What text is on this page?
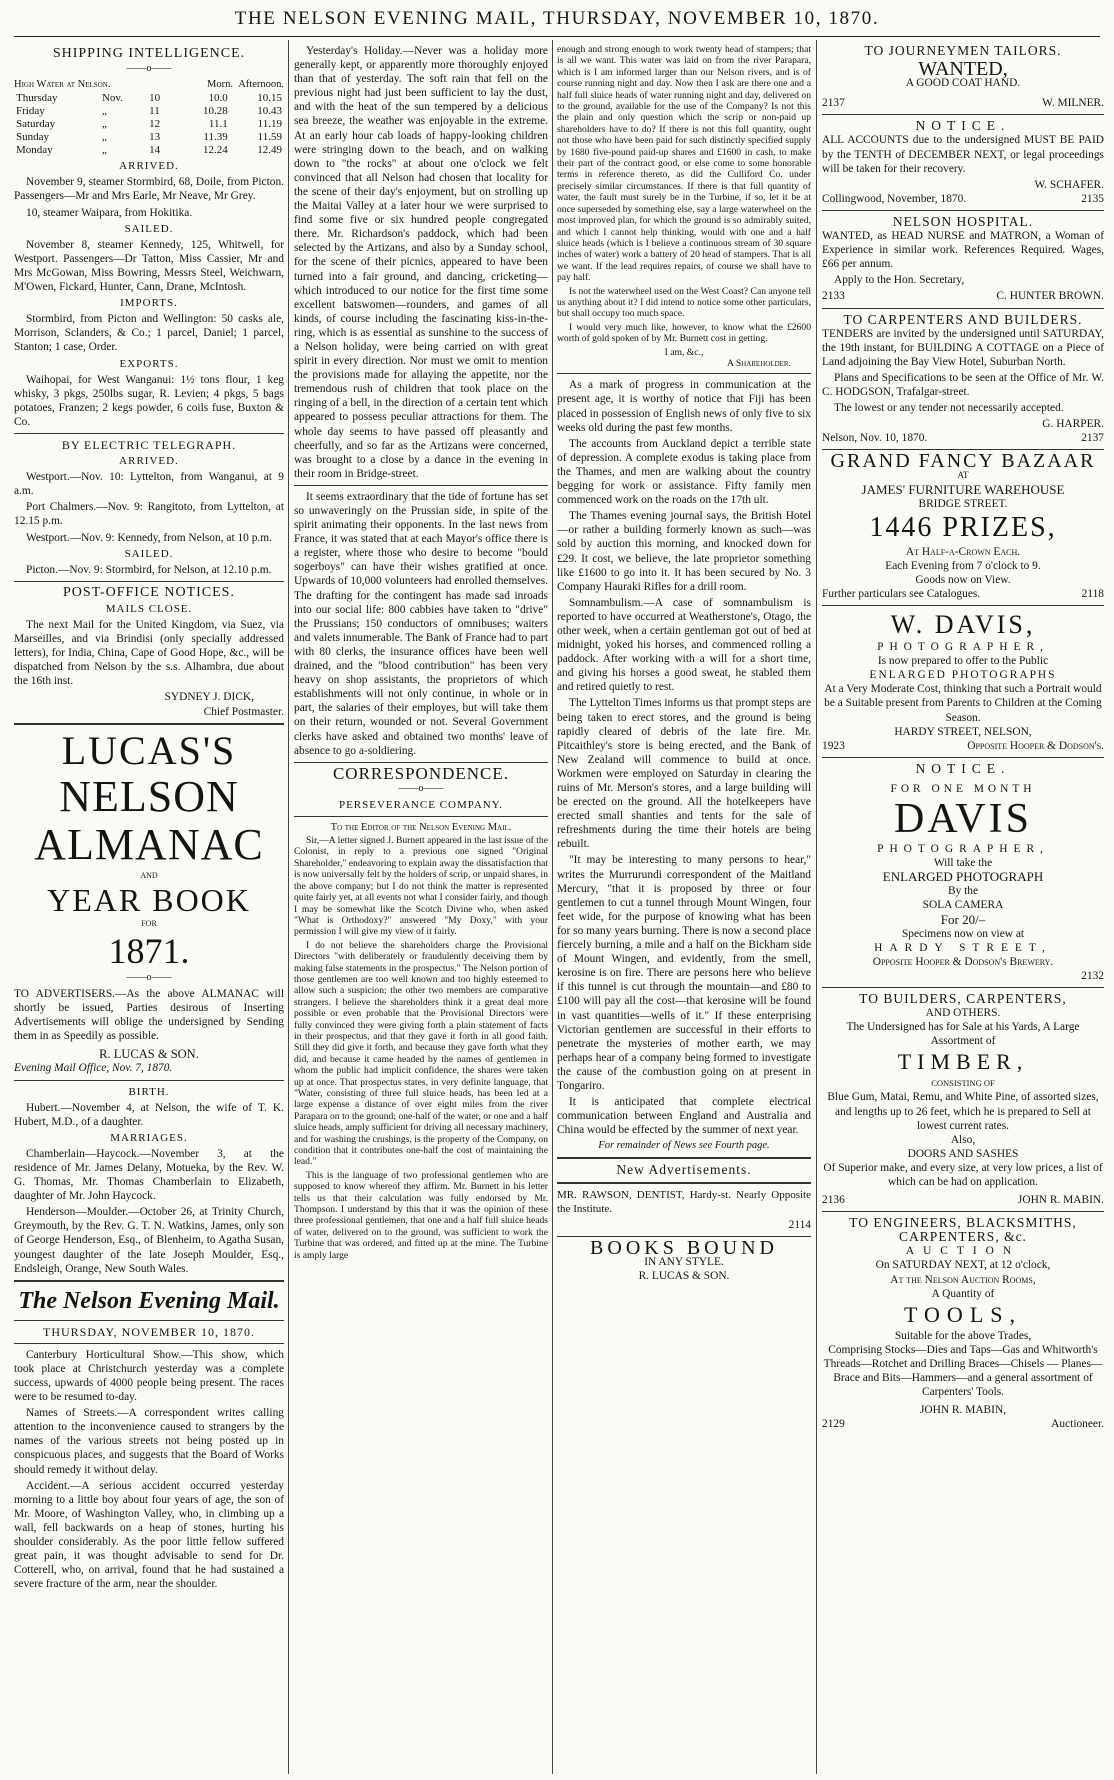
THE NELSON EVENING MAIL, THURSDAY, NOVEMBER 10, 1870.
SHIPPING INTELLIGENCE.
——o——
High Water at Nelson.	Morn. Afternoon.
Thursday	Nov.	10	10.0	10.15
Friday	„	11	10.28	10.43
Saturday	„	12	11.1	11.19
Sunday	„	13	11.39	11.59
Monday	„	14	12.24	12.49
ARRIVED.

November 9, steamer Stormbird, 68, Doile, from Picton. Passengers—Mr and Mrs Earle, Mr Neave, Mr Grey.

10, steamer Waipara, from Hokitika.

SAILED.

November 8, steamer Kennedy, 125, Whitwell, for Westport. Passengers—Dr Tatton, Miss Cassier, Mr and Mrs McGowan, Miss Bowring, Messrs Steel, Weichwarn, M'Owen, Fickard, Hunter, Cann, Drane, McIntosh.

IMPORTS.

Stormbird, from Picton and Wellington: 50 casks ale, Morrison, Sclanders, & Co.; 1 parcel, Daniel; 1 parcel, Stanton; 1 case, Order.

EXPORTS.

Waihopai, for West Wanganui: 1½ tons flour, 1 keg whisky, 3 pkgs, 250lbs sugar, R. Levien; 4 pkgs, 5 bags potatoes, Franzen; 2 kegs powder, 6 coils fuse, Buxton & Co.

BY ELECTRIC TELEGRAPH.
ARRIVED.

Westport.—Nov. 10: Lyttelton, from Wanganui, at 9 a.m.

Port Chalmers.—Nov. 9: Rangitoto, from Lyttelton, at 12.15 p.m.

Westport.—Nov. 9: Kennedy, from Nelson, at 10 p.m.

SAILED.

Picton.—Nov. 9: Stormbird, for Nelson, at 12.10 p.m.

POST-OFFICE NOTICES.
MAILS CLOSE.

The next Mail for the United Kingdom, via Suez, via Marseilles, and via Brindisi (only specially addressed letters), for India, China, Cape of Good Hope, &c., will be dispatched from Nelson by the s.s. Alhambra, due about the 16th inst.

SYDNEY J. DICK,
Chief Postmaster.
LUCAS'S
NELSON ALMANAC
AND
YEAR BOOK
FOR
1871.
——o——

TO ADVERTISERS.—As the above ALMANAC will shortly be issued, Parties desirous of Inserting Advertisements will oblige the undersigned by Sending them in as Speedily as possible.

R. LUCAS & SON.
Evening Mail Office, Nov. 7, 1870.
BIRTH.

Hubert.—November 4, at Nelson, the wife of T. K. Hubert, M.D., of a daughter.

MARRIAGES.

Chamberlain—Haycock.—November 3, at the residence of Mr. James Delany, Motueka, by the Rev. W. G. Thomas, Mr. Thomas Chamberlain to Elizabeth, daughter of Mr. John Haycock.

Henderson—Moulder.—October 26, at Trinity Church, Greymouth, by the Rev. G. T. N. Watkins, James, only son of George Henderson, Esq., of Blenheim, to Agatha Susan, youngest daughter of the late Joseph Moulder, Esq., Endsleigh, Orange, New South Wales.

The Nelson Evening Mail.
THURSDAY, NOVEMBER 10, 1870.

Canterbury Horticultural Show.—This show, which took place at Christchurch yesterday was a complete success, upwards of 4000 people being present. The races were to be resumed to-day.

Names of Streets.—A correspondent writes calling attention to the inconvenience caused to strangers by the names of the various streets not being posted up in conspicuous places, and suggests that the Board of Works should remedy it without delay.

Accident.—A serious accident occurred yesterday morning to a little boy about four years of age, the son of Mr. Moore, of Washington Valley, who, in climbing up a wall, fell backwards on a heap of stones, hurting his shoulder considerably. As the poor little fellow suffered great pain, it was thought advisable to send for Dr. Cotterell, who, on arrival, found that he had sustained a severe fracture of the arm, near the shoulder.

Yesterday's Holiday.—Never was a holiday more generally kept, or apparently more thoroughly enjoyed than that of yesterday. The soft rain that fell on the previous night had just been sufficient to lay the dust, and with the heat of the sun tempered by a delicious sea breeze, the weather was enjoyable in the extreme. At an early hour cab loads of happy-looking children were stringing down to the beach, and on walking down to "the rocks" at about one o'clock we felt convinced that all Nelson had chosen that locality for the scene of their day's enjoyment, but on strolling up the Maitai Valley at a later hour we were surprised to find some five or six hundred people congregated there. Mr. Richardson's paddock, which had been selected by the Artizans, and also by a Sunday school, for the scene of their picnics, appeared to have been turned into a fair ground, and dancing, cricketing—which introduced to our notice for the first time some excellent batswomen—rounders, and games of all kinds, of course including the fascinating kiss-in-the-ring, which is as essential as sunshine to the success of a Nelson holiday, were being carried on with great spirit in every direction. Nor must we omit to mention the provisions made for allaying the appetite, nor the tremendous rush of children that took place on the ringing of a bell, in the direction of a certain tent which appeared to possess peculiar attractions for them. The whole day seems to have passed off pleasantly and cheerfully, and so far as the Artizans were concerned, was brought to a close by a dance in the evening in their room in Bridge-street.

It seems extraordinary that the tide of fortune has set so unwaveringly on the Prussian side, in spite of the spirit animating their opponents. In the last news from France, it was stated that at each Mayor's office there is a register, where those who desire to become "bould sogerboys" can have their wishes gratified at once. Upwards of 10,000 volunteers had enrolled themselves. The drafting for the contingent has made sad inroads into our social life: 800 cabbies have taken to "drive" the Prussians; 150 conductors of omnibuses; waiters and valets innumerable. The Bank of France had to part with 80 clerks, the insurance offices have been well drained, and the "blood contribution" has been very heavy on shop assistants, the proprietors of which establishments will not only continue, in whole or in part, the salaries of their employes, but will take them on their return, wounded or not. Several Government clerks have asked and obtained two months' leave of absence to go a-soldiering.

CORRESPONDENCE.
——o——
PERSEVERANCE COMPANY.
To the Editor of the Nelson Evening Mail.

Sir,—A letter signed J. Burnett appeared in the last issue of the Colonist, in reply to a previous one signed "Original Shareholder," endeavoring to explain away the dissatisfaction that is now universally felt by the holders of scrip, or unpaid shares, in the above company; but I do not think the matter is represented quite fairly yet, at all events not what I consider fairly, and though I may be somewhat like the Scotch Divine who, when asked "What is Orthodoxy?" answered "My Doxy," with your permission I will give my view of it fairly.

I do not believe the shareholders charge the Provisional Directors "with deliberately or fraudulently deceiving them by making false statements in the prospectus." The Nelson portion of those gentlemen are too well known and too highly esteemed to allow such a suspicion; the other two members are comparative strangers. I believe the shareholders think it a great deal more possible or even probable that the Provisional Directors were fully convinced they were giving forth a plain statement of facts in their prospectus, and that they gave it forth in all good faith. Still they did give it forth, and because they gave forth what they did, and because it came headed by the names of gentlemen in whom the public had implicit confidence, the shares were taken up at once. That prospectus states, in very definite language, that "Water, consisting of three full sluice heads, has been led at a large expense a distance of over eight miles from the river Parapara on to the ground; one-half of the water, or one and a half sluice heads, amply sufficient for driving all necessary machinery, and for washing the crushings, is the property of the Company, on condition that it contributes one-half the cost of maintaining the lead."

This is the language of two professional gentlemen who are supposed to know whereof they affirm. Mr. Burnett in his letter tells us that their calculation was fully endorsed by Mr. Thompson. I understand by this that it was the opinion of these three professional gentlemen, that one and a half full sluice heads of water, delivered on to the ground, was sufficient to work the Turbine that was ordered, and fitted up at the mine. The Turbine is amply large

enough and strong enough to work twenty head of stampers; that is all we want. This water was laid on from the river Parapara, which is I am informed larger than our Nelson rivers, and is of course running night and day. Now then I ask are there one and a half full sluice heads of water running night and day, delivered on to the ground, available for the use of the Company? Is not this the plain and only question which the scrip or non-paid up shareholders have to do? If there is not this full quantity, ought not those who have been paid for such distinctly specified supply by 1680 five-pound paid-up shares and £1600 in cash, to make their part of the contract good, or else come to some honorable terms in reference thereto, as did the Culliford Co. under precisely similar circumstances. If there is that full quantity of water, the fault must surely be in the Turbine, if so, let it be at once superseded by something else, say a large waterwheel on the most improved plan, for which the ground is so admirably suited, and which I cannot help thinking, would with one and a half sluice heads (which is I believe a continuous stream of 30 square inches of water) work a battery of 20 head of stampers. That is all we want. If the lead requires repairs, of course we shall have to pay half.

Is not the waterwheel used on the West Coast? Can anyone tell us anything about it? I did intend to notice some other particulars, but shall occupy too much space.

I would very much like, however, to know what the £2600 worth of gold spoken of by Mr. Burnett cost in getting.

I am, &c.,
A Shareholder.

As a mark of progress in communication at the present age, it is worthy of notice that Fiji has been placed in possession of English news of only five to six weeks old during the past few months.

The accounts from Auckland depict a terrible state of depression. A complete exodus is taking place from the Thames, and men are walking about the country begging for work or assistance. Fifty family men commenced work on the roads on the 17th ult.

The Thames evening journal says, the British Hotel—or rather a building formerly known as such—was sold by auction this morning, and knocked down for £29. It cost, we believe, the late proprietor something like £1600 to go into it. It has been secured by No. 3 Company Hauraki Rifles for a drill room.

Somnambulism.—A case of somnambulism is reported to have occurred at Weatherstone's, Otago, the other week, when a certain gentleman got out of bed at midnight, yoked his horses, and commenced rolling a paddock. After working with a will for a short time, and giving his horses a good sweat, he stabled them and retired quietly to rest.

The Lyttelton Times informs us that prompt steps are being taken to erect stores, and the ground is being rapidly cleared of debris of the late fire. Mr. Pitcaithley's store is being erected, and the Bank of New Zealand will commence to build at once. Workmen were employed on Saturday in clearing the ruins of Mr. Merson's stores, and a large building will be erected on the ground. All the hotelkeepers have erected small shanties and tents for the sale of refreshments during the time their hotels are being rebuilt.

"It may be interesting to many persons to hear," writes the Murrurundi correspondent of the Maitland Mercury, "that it is proposed by three or four gentlemen to cut a tunnel through Mount Wingen, four feet wide, for the purpose of knowing what has been for so many years burning. There is now a second place fiercely burning, a mile and a half on the Bickham side of Mount Wingen, and evidently, from the smell, kerosine is on fire. There are persons here who believe if this tunnel is cut through the mountain—and £80 to £100 will pay all the cost—that kerosine will be found in vast quantities—wells of it." If these enterprising Victorian gentlemen are successful in their efforts to penetrate the mysteries of mother earth, we may perhaps hear of a company being formed to investigate the cause of the combustion going on at present in Tongariro.

It is anticipated that complete electrical communication between England and Australia and China would be effected by the summer of next year.

For remainder of News see Fourth page.
New Advertisements.

MR. RAWSON, DENTIST, Hardy-st. Nearly Opposite the Institute.

2114
BOOKS BOUND
IN ANY STYLE.
R. LUCAS & SON.
TO JOURNEYMEN TAILORS.
WANTED,
A GOOD COAT HAND.
2137	W. MILNER.
NOTICE.

ALL ACCOUNTS due to the undersigned MUST BE PAID by the TENTH of DECEMBER NEXT, or legal proceedings will be taken for their recovery.

W. SCHAFER.
Collingwood, November, 1870.	2135
NELSON HOSPITAL.

WANTED, as HEAD NURSE and MATRON, a Woman of Experience in similar work. References Required. Wages, £66 per annum.

Apply to the Hon. Secretary,

2133	C. HUNTER BROWN.
TO CARPENTERS AND BUILDERS.

TENDERS are invited by the undersigned until SATURDAY, the 19th instant, for BUILDING A COTTAGE on a Piece of Land adjoining the Bay View Hotel, Suburban North.

Plans and Specifications to be seen at the Office of Mr. W. C. HODGSON, Trafalgar-street.

The lowest or any tender not necessarily accepted.

G. HARPER.
Nelson, Nov. 10, 1870.	2137
GRAND FANCY BAZAAR
AT
JAMES' FURNITURE WAREHOUSE
BRIDGE STREET.
1446 PRIZES,
At Half-a-Crown Each.
Each Evening from 7 o'clock to 9.
Goods now on View.
Further particulars see Catalogues.	2118
W. DAVIS,
PHOTOGRAPHER,
Is now prepared to offer to the Public
ENLARGED PHOTOGRAPHS
At a Very Moderate Cost, thinking that such a Portrait would be a Suitable present from Parents to Children at the Coming Season.
HARDY STREET, NELSON,
1923	Opposite Hooper & Dodson's.
NOTICE.
FOR ONE MONTH
DAVIS
PHOTOGRAPHER,
Will take the
ENLARGED PHOTOGRAPH
By the
SOLA CAMERA
For 20/–
Specimens now on view at
HARDY STREET,
Opposite Hooper & Dodson's Brewery.
2132
TO BUILDERS, CARPENTERS,
AND OTHERS.
The Undersigned has for Sale at his Yards, A Large Assortment of
TIMBER,
CONSISTING OF
Blue Gum, Matai, Remu, and White Pine, of assorted sizes, and lengths up to 26 feet, which he is prepared to Sell at lowest current rates.
Also,
DOORS AND SASHES
Of Superior make, and every size, at very low prices, a list of which can be had on application.
2136	JOHN R. MABIN.
TO ENGINEERS, BLACKSMITHS,
CARPENTERS, &c.
AUCTION
On SATURDAY NEXT, at 12 o'clock,
At the Nelson Auction Rooms,
A Quantity of
TOOLS,
Suitable for the above Trades,
Comprising Stocks—Dies and Taps—Gas and Whitworth's Threads—Rotchet and Drilling Braces—Chisels — Planes—Brace and Bits—Hammers—and a general assortment of Carpenters' Tools.
JOHN R. MABIN,
2129	Auctioneer.
